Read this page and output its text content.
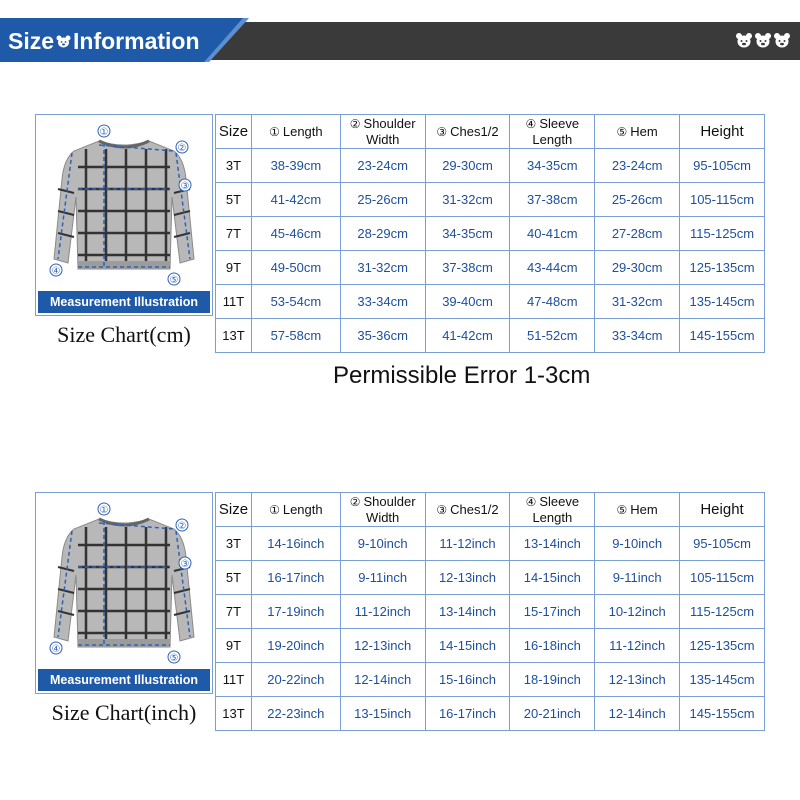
Size Information
①
②
③
④
⑤
Measurement Illustration
Size Chart(cm)
Size	① Length	② Shoulder Width	③ Ches1/2	④ Sleeve Length	⑤ Hem	Height
3T	38-39cm	23-24cm	29-30cm	34-35cm	23-24cm	95-105cm
5T	41-42cm	25-26cm	31-32cm	37-38cm	25-26cm	105-115cm
7T	45-46cm	28-29cm	34-35cm	40-41cm	27-28cm	115-125cm
9T	49-50cm	31-32cm	37-38cm	43-44cm	29-30cm	125-135cm
11T	53-54cm	33-34cm	39-40cm	47-48cm	31-32cm	135-145cm
13T	57-58cm	35-36cm	41-42cm	51-52cm	33-34cm	145-155cm
Permissible Error 1-3cm
①
②
③
④
⑤
Measurement Illustration
Size Chart(inch)
Size	① Length	② Shoulder Width	③ Ches1/2	④ Sleeve Length	⑤ Hem	Height
3T	14-16inch	9-10inch	11-12inch	13-14inch	9-10inch	95-105cm
5T	16-17inch	9-11inch	12-13inch	14-15inch	9-11inch	105-115cm
7T	17-19inch	11-12inch	13-14inch	15-17inch	10-12inch	115-125cm
9T	19-20inch	12-13inch	14-15inch	16-18inch	11-12inch	125-135cm
11T	20-22inch	12-14inch	15-16inch	18-19inch	12-13inch	135-145cm
13T	22-23inch	13-15inch	16-17inch	20-21inch	12-14inch	145-155cm
